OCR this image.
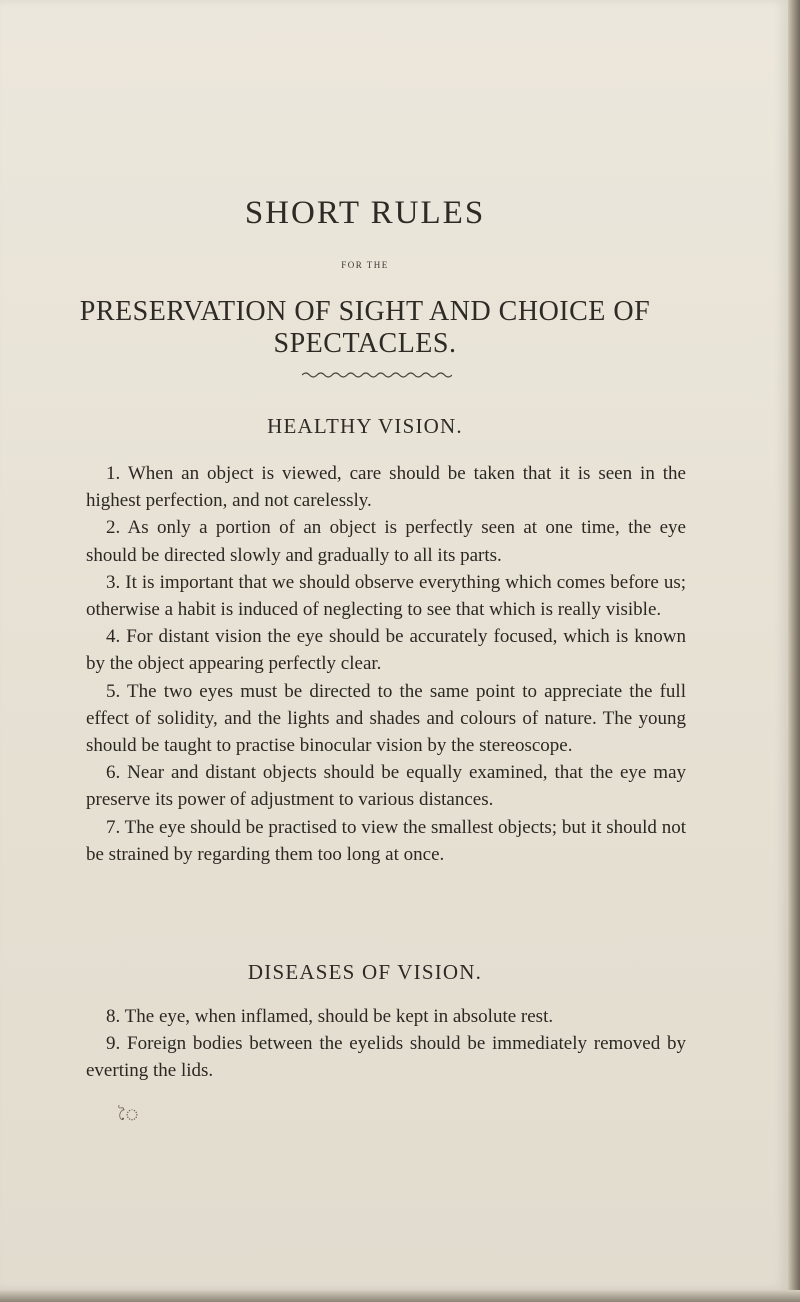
SHORT RULES
FOR THE
PRESERVATION OF SIGHT AND CHOICE OF SPECTACLES.
HEALTHY VISION.

1. When an object is viewed, care should be taken that it is seen in the highest perfection, and not carelessly.

2. As only a portion of an object is perfectly seen at one time, the eye should be directed slowly and gradually to all its parts.

3. It is important that we should observe everything which comes before us; otherwise a habit is induced of neglecting to see that which is really visible.

4. For distant vision the eye should be accurately focused, which is known by the object appearing perfectly clear.

5. The two eyes must be directed to the same point to appreciate the full effect of solidity, and the lights and shades and colours of nature. The young should be taught to practise binocular vision by the stereoscope.

6. Near and distant objects should be equally examined, that the eye may preserve its power of adjustment to various distances.

7. The eye should be practised to view the smallest objects; but it should not be strained by regarding them too long at once.

DISEASES OF VISION.

8. The eye, when inflamed, should be kept in absolute rest.

9. Foreign bodies between the eyelids should be immediately removed by everting the lids.

ৈ
